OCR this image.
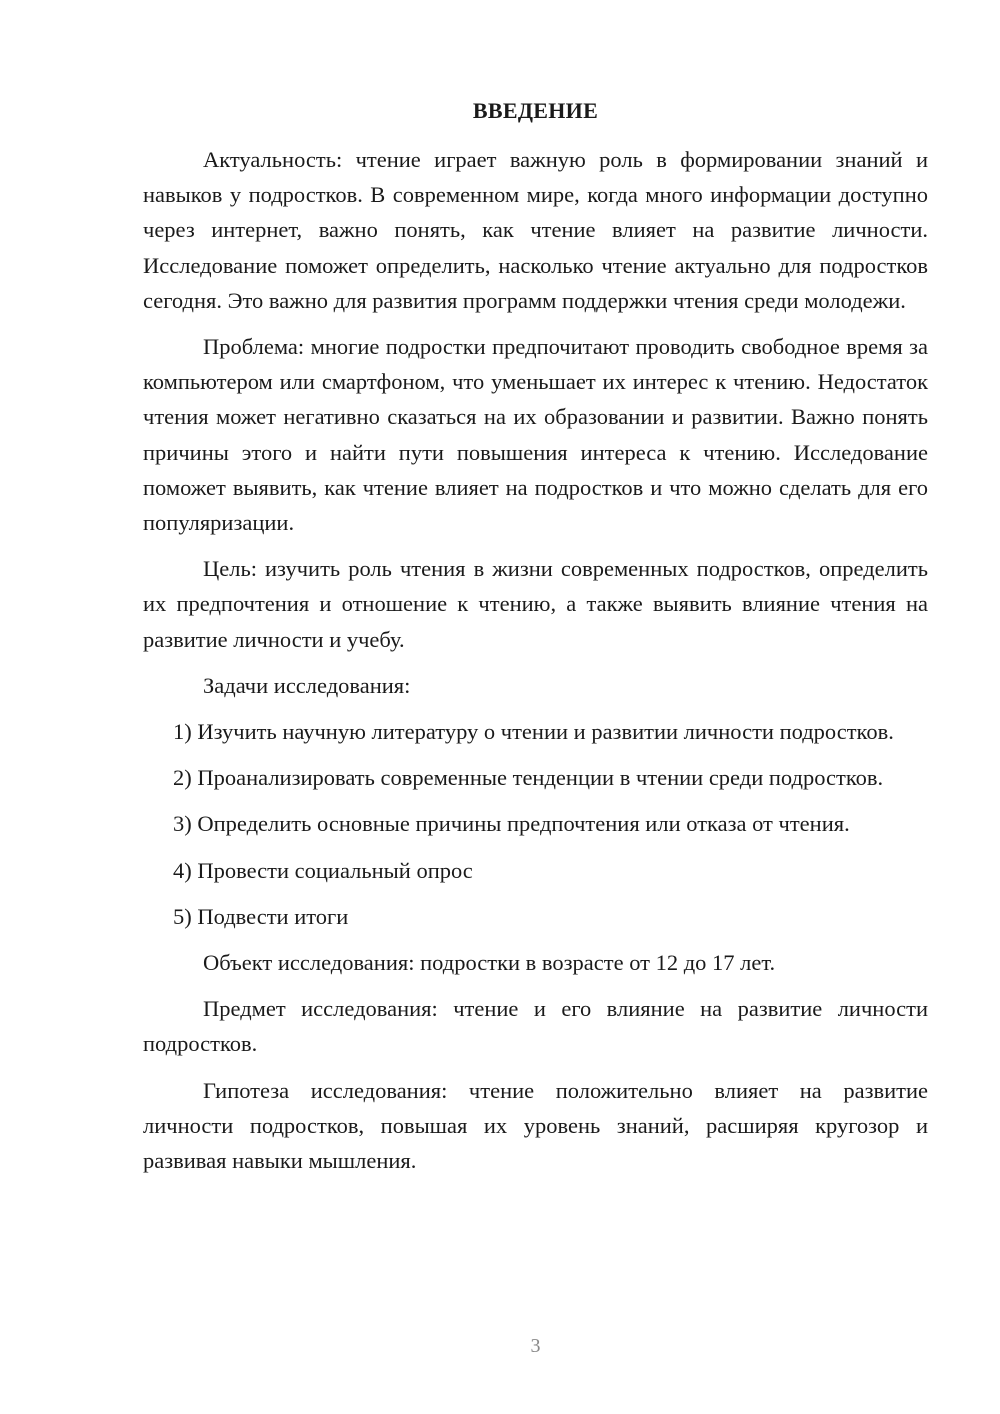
ВВЕДЕНИЕ

Актуальность: чтение играет важную роль в формировании знаний и навыков у подростков. В современном мире, когда много информации доступно через интернет, важно понять, как чтение влияет на развитие личности. Исследование поможет определить, насколько чтение актуально для подростков сегодня. Это важно для развития программ поддержки чтения среди молодежи.

Проблема: многие подростки предпочитают проводить свободное время за компьютером или смартфоном, что уменьшает их интерес к чтению. Недостаток чтения может негативно сказаться на их образовании и развитии. Важно понять причины этого и найти пути повышения интереса к чтению. Исследование поможет выявить, как чтение влияет на подростков и что можно сделать для его популяризации.

Цель: изучить роль чтения в жизни современных подростков, определить их предпочтения и отношение к чтению, а также выявить влияние чтения на развитие личности и учебу.

Задачи исследования:

1) Изучить научную литературу о чтении и развитии личности подростков.

2) Проанализировать современные тенденции в чтении среди подростков.

3) Определить основные причины предпочтения или отказа от чтения.

4) Провести социальный опрос

5) Подвести итоги

Объект исследования: подростки в возрасте от 12 до 17 лет.

Предмет исследования: чтение и его влияние на развитие личности подростков.

Гипотеза исследования: чтение положительно влияет на развитие личности подростков, повышая их уровень знаний, расширяя кругозор и развивая навыки мышления.

3
